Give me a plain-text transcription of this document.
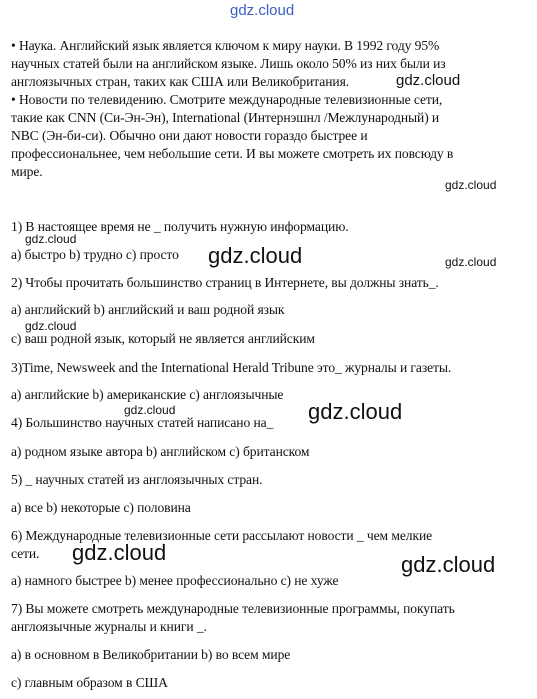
gdz.cloud
• Наука. Английский язык является ключом к миру науки. В 1992 году 95%
научных статей были на английском языке. Лишь около 50% из них были из
англоязычных стран, таких как США или Великобритания.
• Новости по телевидению. Смотрите международные телевизионные сети,
такие как CNN (Си-Эн-Эн), International (Интернэшнл /Межлународный) и
NBC (Эн-би-си). Обычно они дают новости гораздо быстрее и
профессиональнее, чем небольшие сети. И вы можете смотреть их повсюду в
мире.
gdz.cloud
gdz.cloud
1) В настоящее время не _ получить нужную информацию.
gdz.cloud
a) быстро b) трудно c) просто	gdz.cloud	gdz.cloud
2) Чтобы прочитать большинство страниц в Интернете, вы должны знать_.
a) английский b) английский и ваш родной язык
gdz.cloud
c) ваш родной язык, который не является английским
3)Time, Newsweek and the International Herald Tribune это_ журналы и газеты.
a) английские b) американские c) англоязычные
gdz.cloud
4) Большинство научных статей написано на_	gdz.cloud
a) родном языке автора b) английском c) британском
5) _ научных статей из англоязычных стран.
a) все b) некоторые c) половина
6) Международные телевизионные сети рассылают новости _ чем мелкие
сети.	gdz.cloud	gdz.cloud
a) намного быстрее b) менее профессионально c) не хуже
7) Вы можете смотреть международные телевизионные программы, покупать
англоязычные журналы и книги _.
a) в основном в Великобритании b) во всем мире
c) главным образом в США
